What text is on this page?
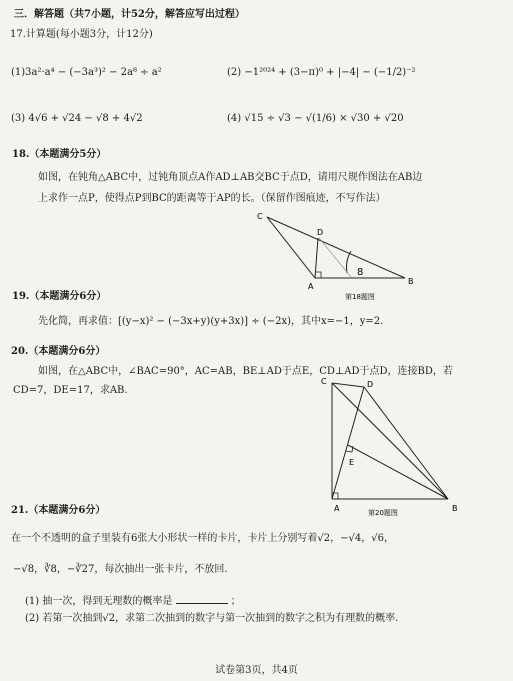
三．解答题（共7小题，计52分，解答应写出过程）
17.计算题(每小题3分，计12分)
(1)3a²·a⁴ − (−3a³)² − 2a⁸ ÷ a²	(2) −1²⁰²⁴ + (3−π)⁰ + |−4| − (−1/2)⁻²
(3) 4√6 + √24 − √8 + 4√2	(4) √15 ÷ √3 − √(1/6) × √30 + √20
18.（本题满分5分）
如图，在钝角△ABC中，过钝角顶点A作AD⊥AB交BC于点D，请用尺规作图法在AB边
上求作一点P，使得点P到BC的距离等于AP的长。（保留作图痕迹，不写作法）
C
D
A
B
8
第18题图
19.（本题满分6分）
先化简，再求值：[(y−x)² − (−3x+y)(y+3x)] ÷ (−2x)，其中x=−1，y=2.
20.（本题满分6分）
如图，在△ABC中，∠BAC=90°，AC=AB，BE⊥AD于点E，CD⊥AD于点D，连接BD，若
CD=7，DE=17，求AB.
C	D
E
A	B
第20题图
21.（本题满分6分）
在一个不透明的盒子里装有6张大小形状一样的卡片，卡片上分别写着√2，−√4，√6，
−√8，∛8，−∛27，每次抽出一张卡片，不放回.
(1) 抽一次，得到无理数的概率是	；
(2) 若第一次抽到√2，求第二次抽到的数字与第一次抽到的数字之积为有理数的概率.
试卷第3页，共4页
